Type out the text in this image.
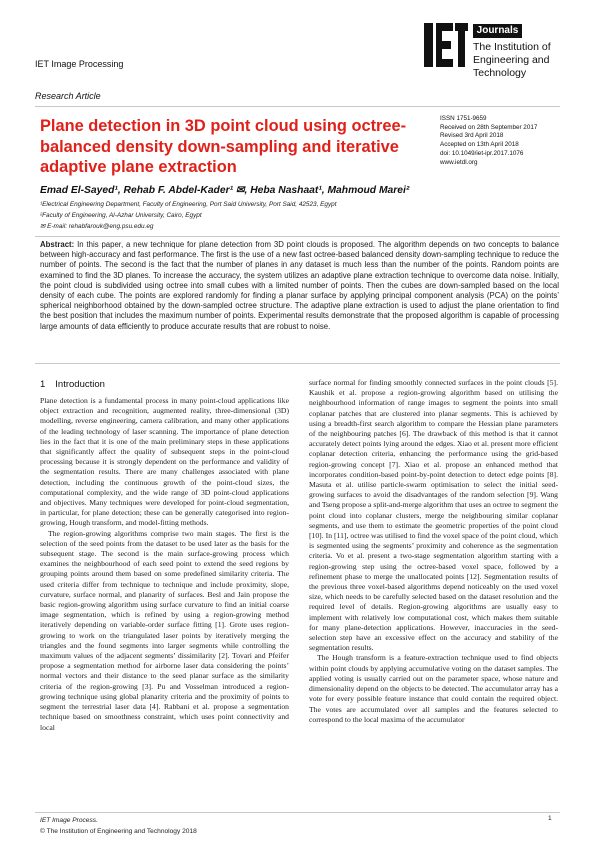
IET Image Processing
Research Article
Journals
The Institution of
Engineering and Technology
Plane detection in 3D point cloud using octree-balanced density down-sampling and iterative adaptive plane extraction
ISSN 1751-9659
Received on 28th September 2017
Revised 3rd April 2018
Accepted on 13th April 2018
doi: 10.1049/iet-ipr.2017.1076
www.ietdl.org
Emad El-Sayed¹, Rehab F. Abdel-Kader¹ ✉, Heba Nashaat¹, Mahmoud Marei²
¹Electrical Engineering Department, Faculty of Engineering, Port Said University, Port Said, 42523, Egypt
²Faculty of Engineering, Al-Azhar University, Cairo, Egypt
✉ E-mail: rehabfarouk@eng.psu.edu.eg
Abstract: In this paper, a new technique for plane detection from 3D point clouds is proposed. The algorithm depends on two concepts to balance between high-accuracy and fast performance. The first is the use of a new fast octree-based balanced density down-sampling technique to reduce the number of points. The second is the fact that the number of planes in any dataset is much less than the number of the points. Random points are examined to find the 3D planes. To increase the accuracy, the system utilizes an adaptive plane extraction technique to overcome data noise. Initially, the point cloud is subdivided using octree into small cubes with a limited number of points. Then the cubes are down-sampled based on the local density of each cube. The points are explored randomly for finding a planar surface by applying principal component analysis (PCA) on the points’ spherical neighborhood obtained by the down-sampled octree structure. The adaptive plane extraction is used to adjust the plane orientation to find the best position that includes the maximum number of points. Experimental results demonstrate that the proposed algorithm is capable of processing large amounts of data efficiently to produce accurate results that are robust to noise.
1 Introduction

Plane detection is a fundamental process in many point-cloud applications like object extraction and recognition, augmented reality, three-dimensional (3D) modelling, reverse engineering, camera calibration, and many other applications of the leading technology of laser scanning. The importance of plane detection lies in the fact that it is one of the main preliminary steps in these applications that significantly affect the quality of subsequent steps in the point-cloud processing because it is strongly dependent on the performance and validity of the segmentation results. There are many challenges associated with plane detection, including the continuous growth of the point-cloud sizes, the computational complexity, and the wide range of 3D point-cloud applications and objectives. Many techniques were developed for point-cloud segmentation, in particular, for plane detection; these can be generally categorised into region-growing, Hough transform, and model-fitting methods.

The region-growing algorithms comprise two main stages. The first is the selection of the seed points from the dataset to be used later as the basis for the subsequent stage. The second is the main surface-growing process which examines the neighbourhood of each seed point to extend the seed regions by grouping points around them based on some predefined similarity criteria. The used criteria differ from technique to technique and include proximity, slope, curvature, surface normal, and planarity of surfaces. Besl and Jain propose the basic region-growing algorithm using surface curvature to find an initial coarse image segmentation, which is refined by using a region-growing method iteratively depending on variable-order surface fitting [1]. Grote uses region-growing to work on the triangulated laser points by iteratively merging the triangles and the found segments into larger segments while controlling the maximum values of the adjacent segments’ dissimilarity [2]. Tovari and Pfeifer propose a segmentation method for airborne laser data considering the points’ normal vectors and their distance to the seed planar surface as the similarity criteria of the region-growing [3]. Pu and Vosselman introduced a region-growing technique using global planarity criteria and the proximity of points to segment the terrestrial laser data [4]. Rabbani et al. propose a segmentation technique based on smoothness constraint, which uses point connectivity and local

surface normal for finding smoothly connected surfaces in the point clouds [5]. Kaushik et al. propose a region-growing algorithm based on utilising the neighbourhood information of range images to segment the points into small coplanar patches that are clustered into planar segments. This is achieved by using a breadth-first search algorithm to compare the Hessian plane parameters of the neighbouring patches [6]. The drawback of this method is that it cannot accurately detect points lying around the edges. Xiao et al. present more efficient coplanar detection criteria, enhancing the performance using the grid-based region-growing concept [7]. Xiao et al. propose an enhanced method that incorporates condition-based point-by-point detection to detect edge points [8]. Masuta et al. utilise particle-swarm optimisation to select the initial seed-growing surfaces to avoid the disadvantages of the random selection [9]. Wang and Tseng propose a split-and-merge algorithm that uses an octree to segment the point cloud into coplanar clusters, merge the neighbouring similar coplanar segments, and use them to estimate the geometric properties of the point cloud [10]. In [11], octree was utilised to find the voxel space of the point cloud, which is segmented using the segments’ proximity and coherence as the segmentation criteria. Vo et al. present a two-stage segmentation algorithm starting with a region-growing step using the octree-based voxel space, followed by a refinement phase to merge the unallocated points [12]. Segmentation results of the previous three voxel-based algorithms depend noticeably on the used voxel size, which needs to be carefully selected based on the dataset resolution and the required level of details. Region-growing algorithms are usually easy to implement with relatively low computational cost, which makes them suitable for many plane-detection applications. However, inaccuracies in the seed-selection step have an excessive effect on the accuracy and stability of the segmentation results.

The Hough transform is a feature-extraction technique used to find objects within point clouds by applying accumulative voting on the dataset samples. The applied voting is usually carried out on the parameter space, whose nature and dimensionality depend on the objects to be detected. The accumulator array has a vote for every possible feature instance that could contain the required object. The votes are accumulated over all samples and the features selected to correspond to the local maxima of the accumulator

IET Image Process.
© The Institution of Engineering and Technology 2018
1
